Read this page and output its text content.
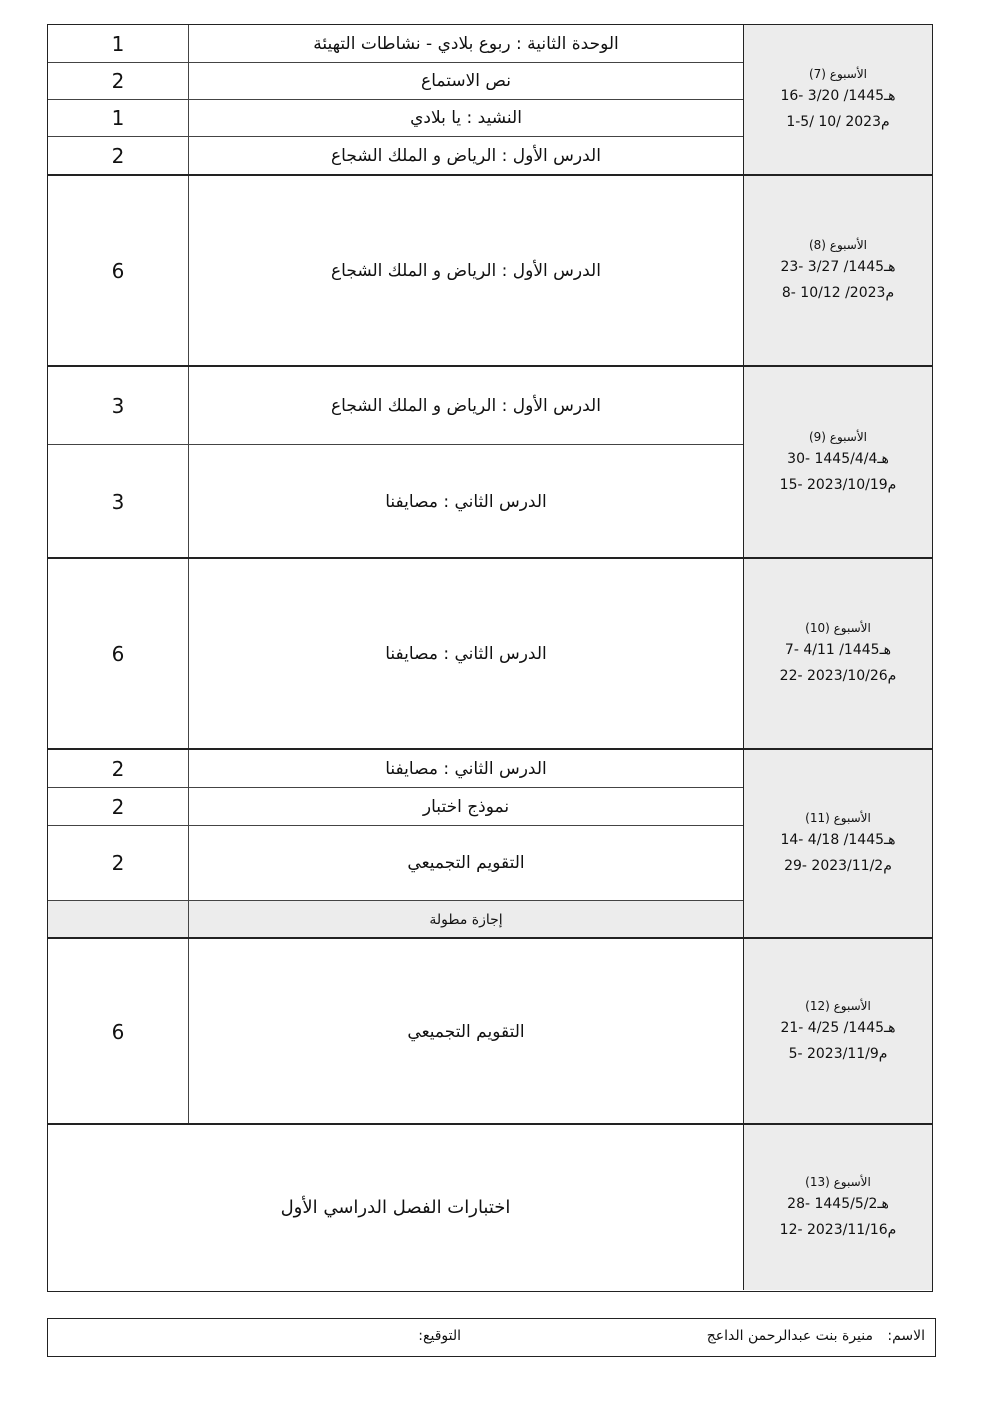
الأسبوع (7)
16- 3/20 /1445هـ
1-5/ 10/ 2023م
1	الوحدة الثانية : ربوع بلادي - نشاطات التهيئة
2	نص الاستماع
1	النشيد : يا بلادي
2	الدرس الأول : الرياض و الملك الشجاع
الأسبوع (8)
23- 3/27 /1445هـ
8- 10/12 /2023م
6	الدرس الأول : الرياض و الملك الشجاع
الأسبوع (9)
30- 1445/4/4هـ
15- 2023/10/19م
3	الدرس الأول : الرياض و الملك الشجاع
3	الدرس الثاني : مصايفنا
الأسبوع (10)
7- 4/11 /1445هـ
22- 2023/10/26م
6	الدرس الثاني : مصايفنا
الأسبوع (11)
14- 4/18 /1445هـ
29- 2023/11/2م
2	الدرس الثاني : مصايفنا
2	نموذج اختبار
2	التقويم التجميعي
إجازة مطولة
الأسبوع (12)
21- 4/25 /1445هـ
5- 2023/11/9م
6	التقويم التجميعي
الأسبوع (13)
28- 1445/5/2هـ
12- 2023/11/16م
اختبارات الفصل الدراسي الأول
الاسم:
منيرة بنت عبدالرحمن الداعج
التوقيع:
